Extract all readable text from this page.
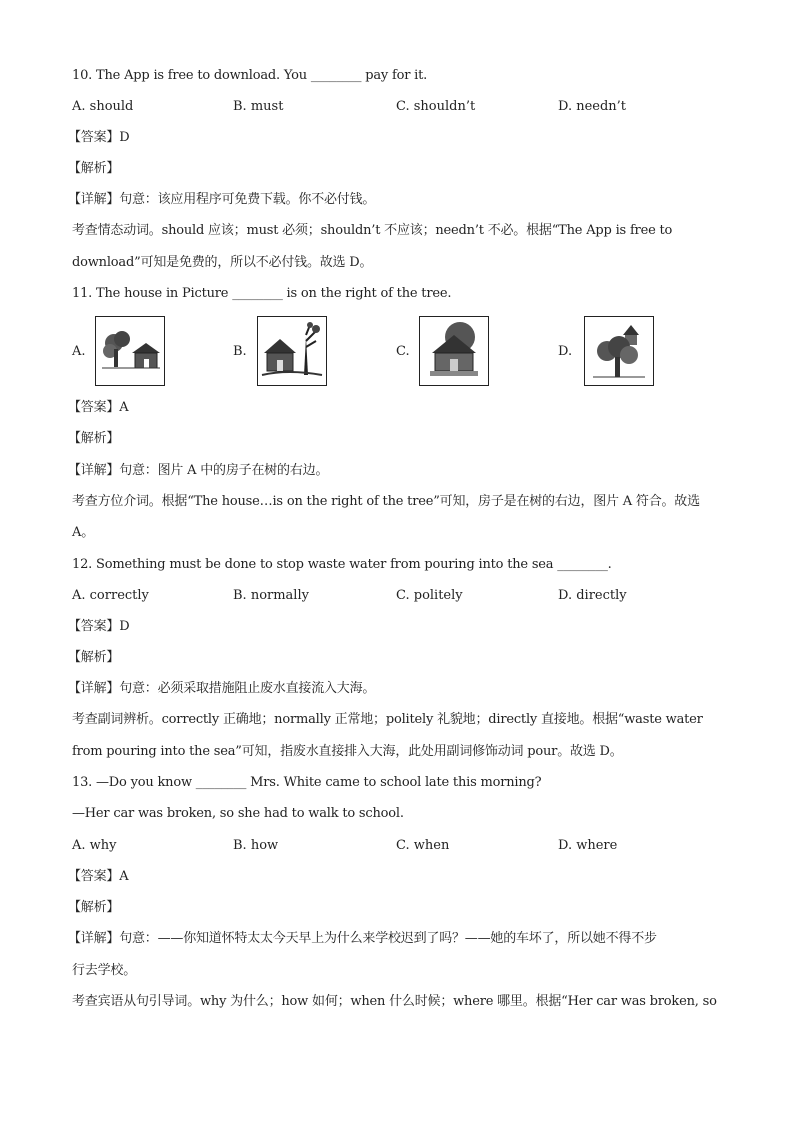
10. The App is free to download. You ________ pay for it.
A. should	B. must	C. shouldn’t	D. needn’t
【答案】D
【解析】
【详解】句意：该应用程序可免费下载。你不必付钱。
考查情态动词。should 应该；must 必须；shouldn’t 不应该；needn’t 不必。根据“The App is free to
download”可知是免费的，所以不必付钱。故选 D。
11. The house in Picture ________ is on the right of the tree.
A.	B.	C.	D.
【答案】A
【解析】
【详解】句意：图片 A 中的房子在树的右边。
考查方位介词。根据“The house…is on the right of the tree”可知，房子是在树的右边，图片 A 符合。故选
A。
12. Something must be done to stop waste water from pouring into the sea ________.
A. correctly	B. normally	C. politely	D. directly
【答案】D
【解析】
【详解】句意：必须采取措施阻止废水直接流入大海。
考查副词辨析。correctly 正确地；normally 正常地；politely 礼貌地；directly 直接地。根据“waste water
from pouring into the sea”可知，指废水直接排入大海，此处用副词修饰动词 pour。故选 D。
13. —Do you know ________ Mrs. White came to school late this morning?
—Her car was broken, so she had to walk to school.
A. why	B. how	C. when	D. where
【答案】A
【解析】
【详解】句意：——你知道怀特太太今天早上为什么来学校迟到了吗？——她的车坏了，所以她不得不步
行去学校。
考查宾语从句引导词。why 为什么；how 如何；when 什么时候；where 哪里。根据“Her car was broken, so
